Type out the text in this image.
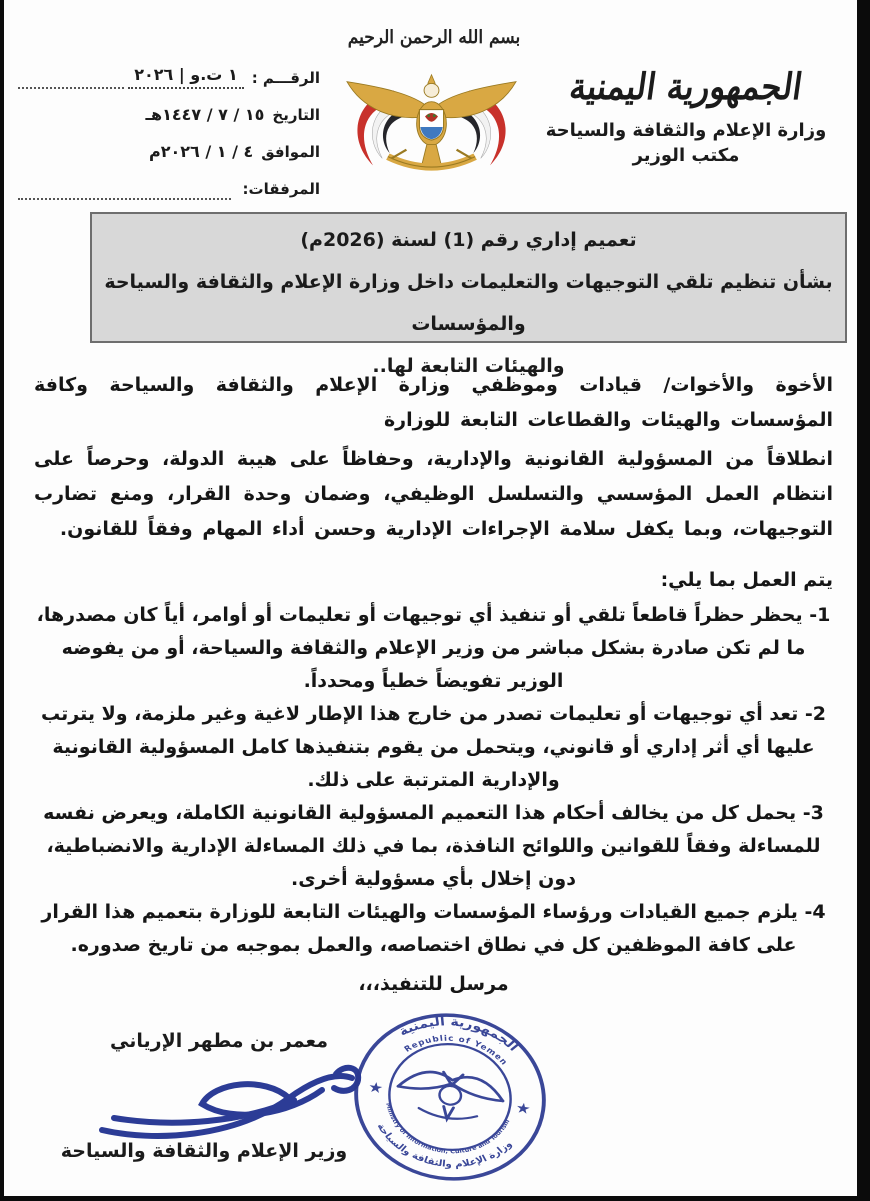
بسم الله الرحمن الرحيم
الجمهورية اليمنية
وزارة الإعلام والثقافة والسياحة
مكتب الوزير
الرقـــم :
١ ت.و | ٢٠٢٦
التاريخ
١٥ / ٧ / ١٤٤٧هـ
الموافق
٤ / ١ / ٢٠٢٦م
المرفقات:
تعميم إداري رقم (1) لسنة (2026م)
بشأن تنظيم تلقي التوجيهات والتعليمات داخل وزارة الإعلام والثقافة والسياحة والمؤسسات
والهيئات التابعة لها..

الأخوة والأخوات/ قيادات وموظفي وزارة الإعلام والثقافة والسياحة وكافة المؤسسات والهيئات والقطاعات التابعة للوزارة

انطلاقاً من المسؤولية القانونية والإدارية، وحفاظاً على هيبة الدولة، وحرصاً على انتظام العمل المؤسسي والتسلسل الوظيفي، وضمان وحدة القرار، ومنع تضارب التوجيهات، وبما يكفل سلامة الإجراءات الإدارية وحسن أداء المهام وفقاً للقانون.

يتم العمل بما يلي:

1- يحظر حظراً قاطعاً تلقي أو تنفيذ أي توجيهات أو تعليمات أو أوامر، أياً كان مصدرها، ما لم تكن صادرة بشكل مباشر من وزير الإعلام والثقافة والسياحة، أو من يفوضه الوزير تفويضاً خطياً ومحدداً.
2- تعد أي توجيهات أو تعليمات تصدر من خارج هذا الإطار لاغية وغير ملزمة، ولا يترتب عليها أي أثر إداري أو قانوني، ويتحمل من يقوم بتنفيذها كامل المسؤولية القانونية والإدارية المترتبة على ذلك.
3- يحمل كل من يخالف أحكام هذا التعميم المسؤولية القانونية الكاملة، ويعرض نفسه للمساءلة وفقاً للقوانين واللوائح النافذة، بما في ذلك المساءلة الإدارية والانضباطية، دون إخلال بأي مسؤولية أخرى.
4- يلزم جميع القيادات ورؤساء المؤسسات والهيئات التابعة للوزارة بتعميم هذا القرار على كافة الموظفين كل في نطاق اختصاصه، والعمل بموجبه من تاريخ صدوره.
مرسل للتنفيذ،،،
معمر بن مطهر الإرياني
وزير الإعلام والثقافة والسياحة
★
★
الجمهورية اليمنية
Republic of Yemen
وزارة الإعلام والثقافة والسياحة
Ministry of Information, Culture and Tourism
